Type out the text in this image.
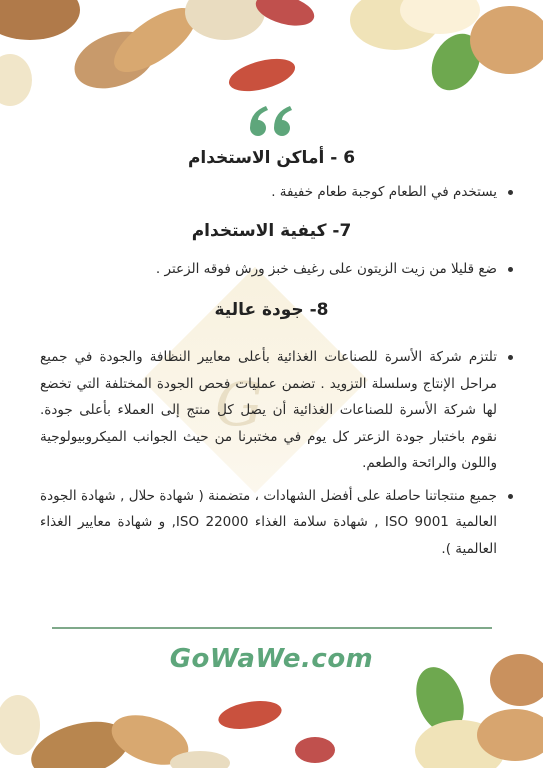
G
6 - أماكن الاستخدام
يستخدم في الطعام كوجبة طعام خفيفة .
7- كيفية الاستخدام
ضع قليلا من زيت الزيتون على رغيف خبز ورش فوقه الزعتر .
8- جودة عالية
تلتزم شركة الأسرة للصناعات الغذائية بأعلى معايير النظافة والجودة في جميع مراحل الإنتاج وسلسلة التزويد . تضمن عمليات فحص الجودة المختلفة التي تخضع لها شركة الأسرة للصناعات الغذائية أن يصل كل منتج إلى العملاء بأعلى جودة. نقوم باختبار جودة الزعتر كل يوم في مختبرنا من حيث الجوانب الميكروبيولوجية واللون والرائحة والطعم.
جميع منتجاتنا حاصلة على أفضل الشهادات ، متضمنة ( شهادة حلال , شهادة الجودة العالمية ISO 9001 , شهادة سلامة الغذاء ISO 22000, و شهادة معايير الغذاء العالمية ).
GoWaWe.com
